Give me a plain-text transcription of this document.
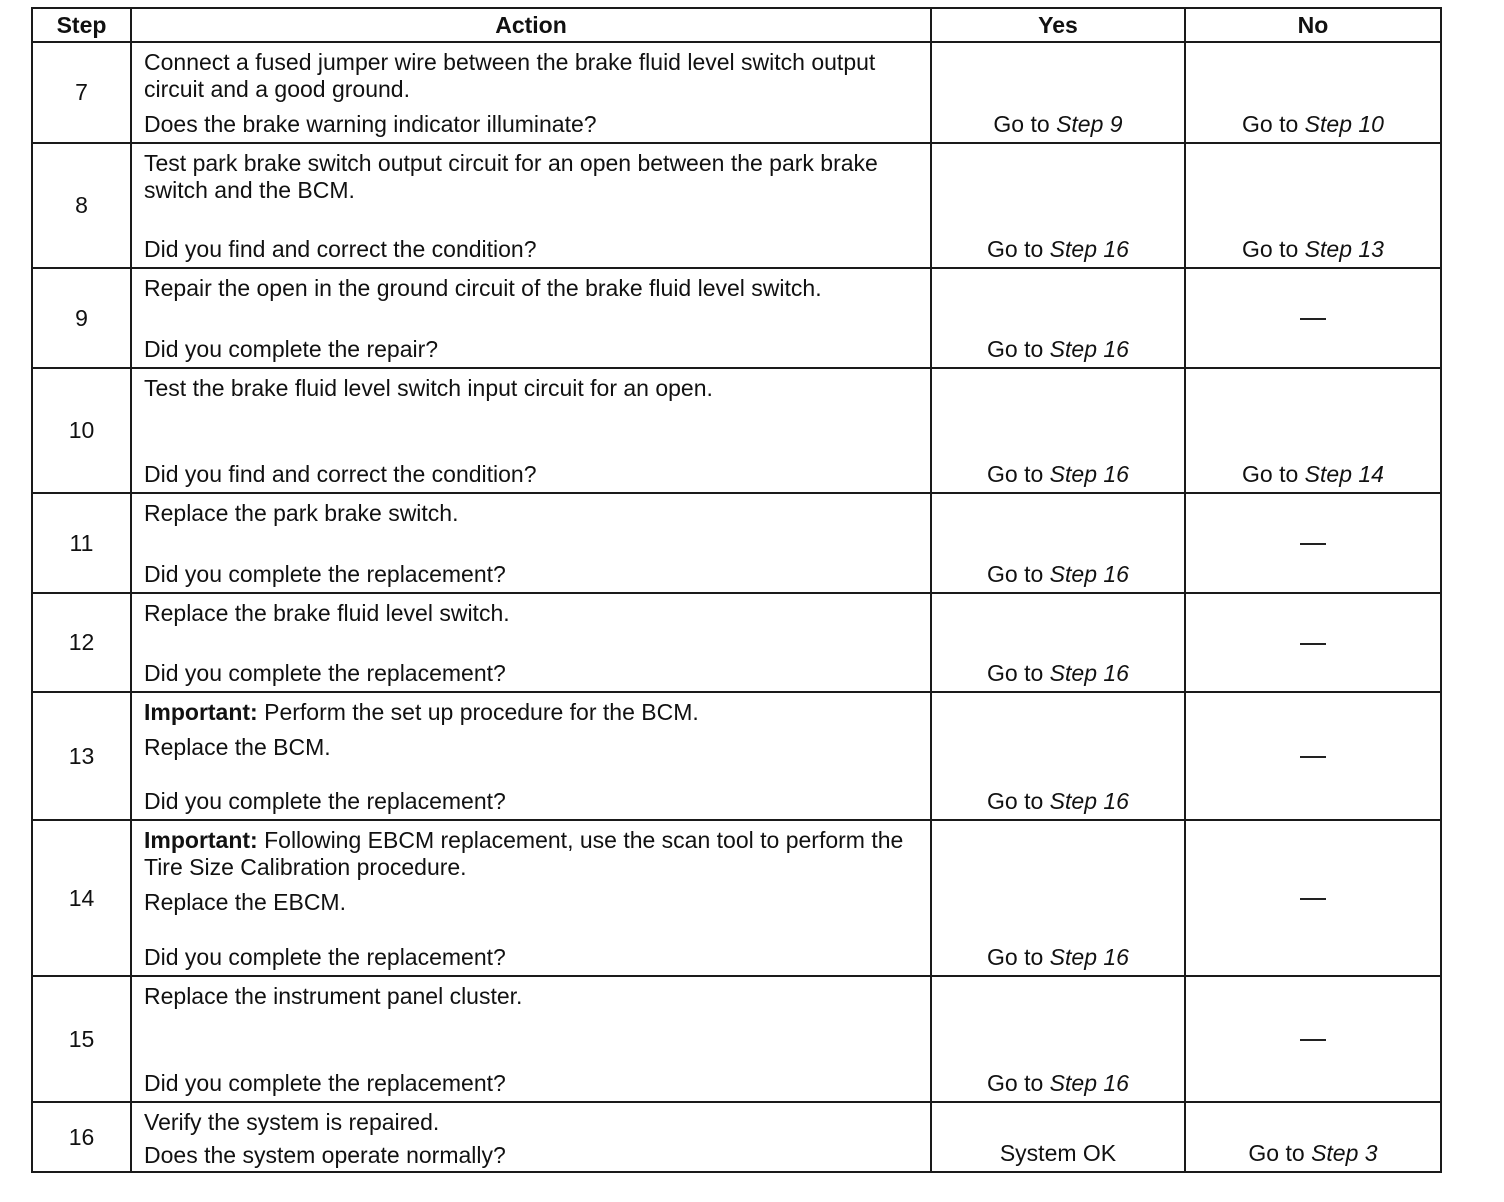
Step	Action	Yes	No
7	Connect a fused jumper wire between the brake fluid level switch output circuit and a good ground.

Does the brake warning indicator illuminate?	Go to Step 9	Go to Step 10
8	Test park brake switch output circuit for an open between the park brake switch and the BCM.

Did you find and correct the condition?	Go to Step 16	Go to Step 13
9	Repair the open in the ground circuit of the brake fluid level switch.

Did you complete the repair?	Go to Step 16	
10	Test the brake fluid level switch input circuit for an open.

Did you find and correct the condition?	Go to Step 16	Go to Step 14
11	Replace the park brake switch.

Did you complete the replacement?	Go to Step 16	
12	Replace the brake fluid level switch.

Did you complete the replacement?	Go to Step 16	
13	Important: Perform the set up procedure for the BCM.

Replace the BCM.

Did you complete the replacement?	Go to Step 16	
14	Important: Following EBCM replacement, use the scan tool to perform the Tire Size Calibration procedure.

Replace the EBCM.

Did you complete the replacement?	Go to Step 16	
15	Replace the instrument panel cluster.

Did you complete the replacement?	Go to Step 16	
16	Verify the system is repaired.

Does the system operate normally?	System OK	Go to Step 3
